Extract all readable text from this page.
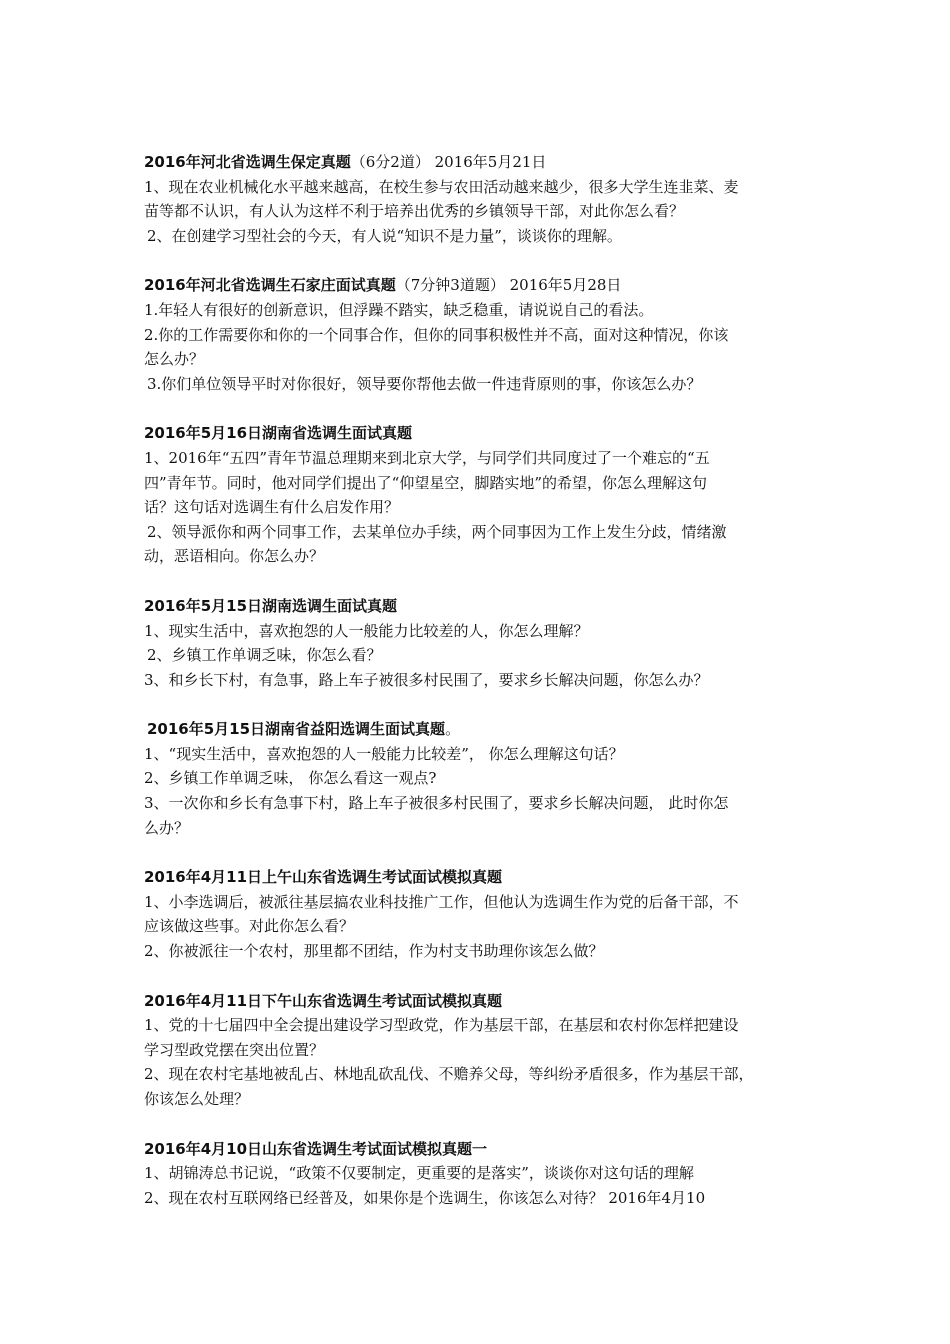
2016年河北省选调生保定真题（6分2道） 2016年5月21日
1、现在农业机械化水平越来越高，在校生参与农田活动越来越少，很多大学生连韭菜、麦
苗等都不认识，有人认为这样不利于培养出优秀的乡镇领导干部，对此你怎么看？
2、在创建学习型社会的今天，有人说“知识不是力量”，谈谈你的理解。
2016年河北省选调生石家庄面试真题（7分钟3道题） 2016年5月28日
1.年轻人有很好的创新意识，但浮躁不踏实，缺乏稳重，请说说自己的看法。
2.你的工作需要你和你的一个同事合作，但你的同事积极性并不高，面对这种情况，你该
怎么办？
3.你们单位领导平时对你很好，领导要你帮他去做一件违背原则的事，你该怎么办？
2016年5月16日湖南省选调生面试真题
1、2016年“五四”青年节温总理期来到北京大学，与同学们共同度过了一个难忘的“五
四”青年节。同时，他对同学们提出了“仰望星空，脚踏实地”的希望，你怎么理解这句
话？这句话对选调生有什么启发作用？
2、领导派你和两个同事工作，去某单位办手续，两个同事因为工作上发生分歧，情绪激
动，恶语相向。你怎么办？
2016年5月15日湖南选调生面试真题
1、现实生活中，喜欢抱怨的人一般能力比较差的人，你怎么理解？
2、乡镇工作单调乏味，你怎么看？
3、和乡长下村，有急事，路上车子被很多村民围了，要求乡长解决问题，你怎么办？
2016年5月15日湖南省益阳选调生面试真题。
1、“现实生活中，喜欢抱怨的人一般能力比较差”， 你怎么理解这句话？
2、乡镇工作单调乏味， 你怎么看这一观点?
3、一次你和乡长有急事下村，路上车子被很多村民围了，要求乡长解决问题， 此时你怎
么办？
2016年4月11日上午山东省选调生考试面试模拟真题
1、小李选调后，被派往基层搞农业科技推广工作，但他认为选调生作为党的后备干部，不
应该做这些事。对此你怎么看？
2、你被派往一个农村，那里都不团结，作为村支书助理你该怎么做？
2016年4月11日下午山东省选调生考试面试模拟真题
1、党的十七届四中全会提出建设学习型政党，作为基层干部，在基层和农村你怎样把建设
学习型政党摆在突出位置？
2、现在农村宅基地被乱占、林地乱砍乱伐、不赡养父母，等纠纷矛盾很多，作为基层干部，
你该怎么处理？
2016年4月10日山东省选调生考试面试模拟真题一
1、胡锦涛总书记说，“政策不仅要制定，更重要的是落实”，谈谈你对这句话的理解
2、现在农村互联网络已经普及，如果你是个选调生，你该怎么对待？ 2016年4月10
